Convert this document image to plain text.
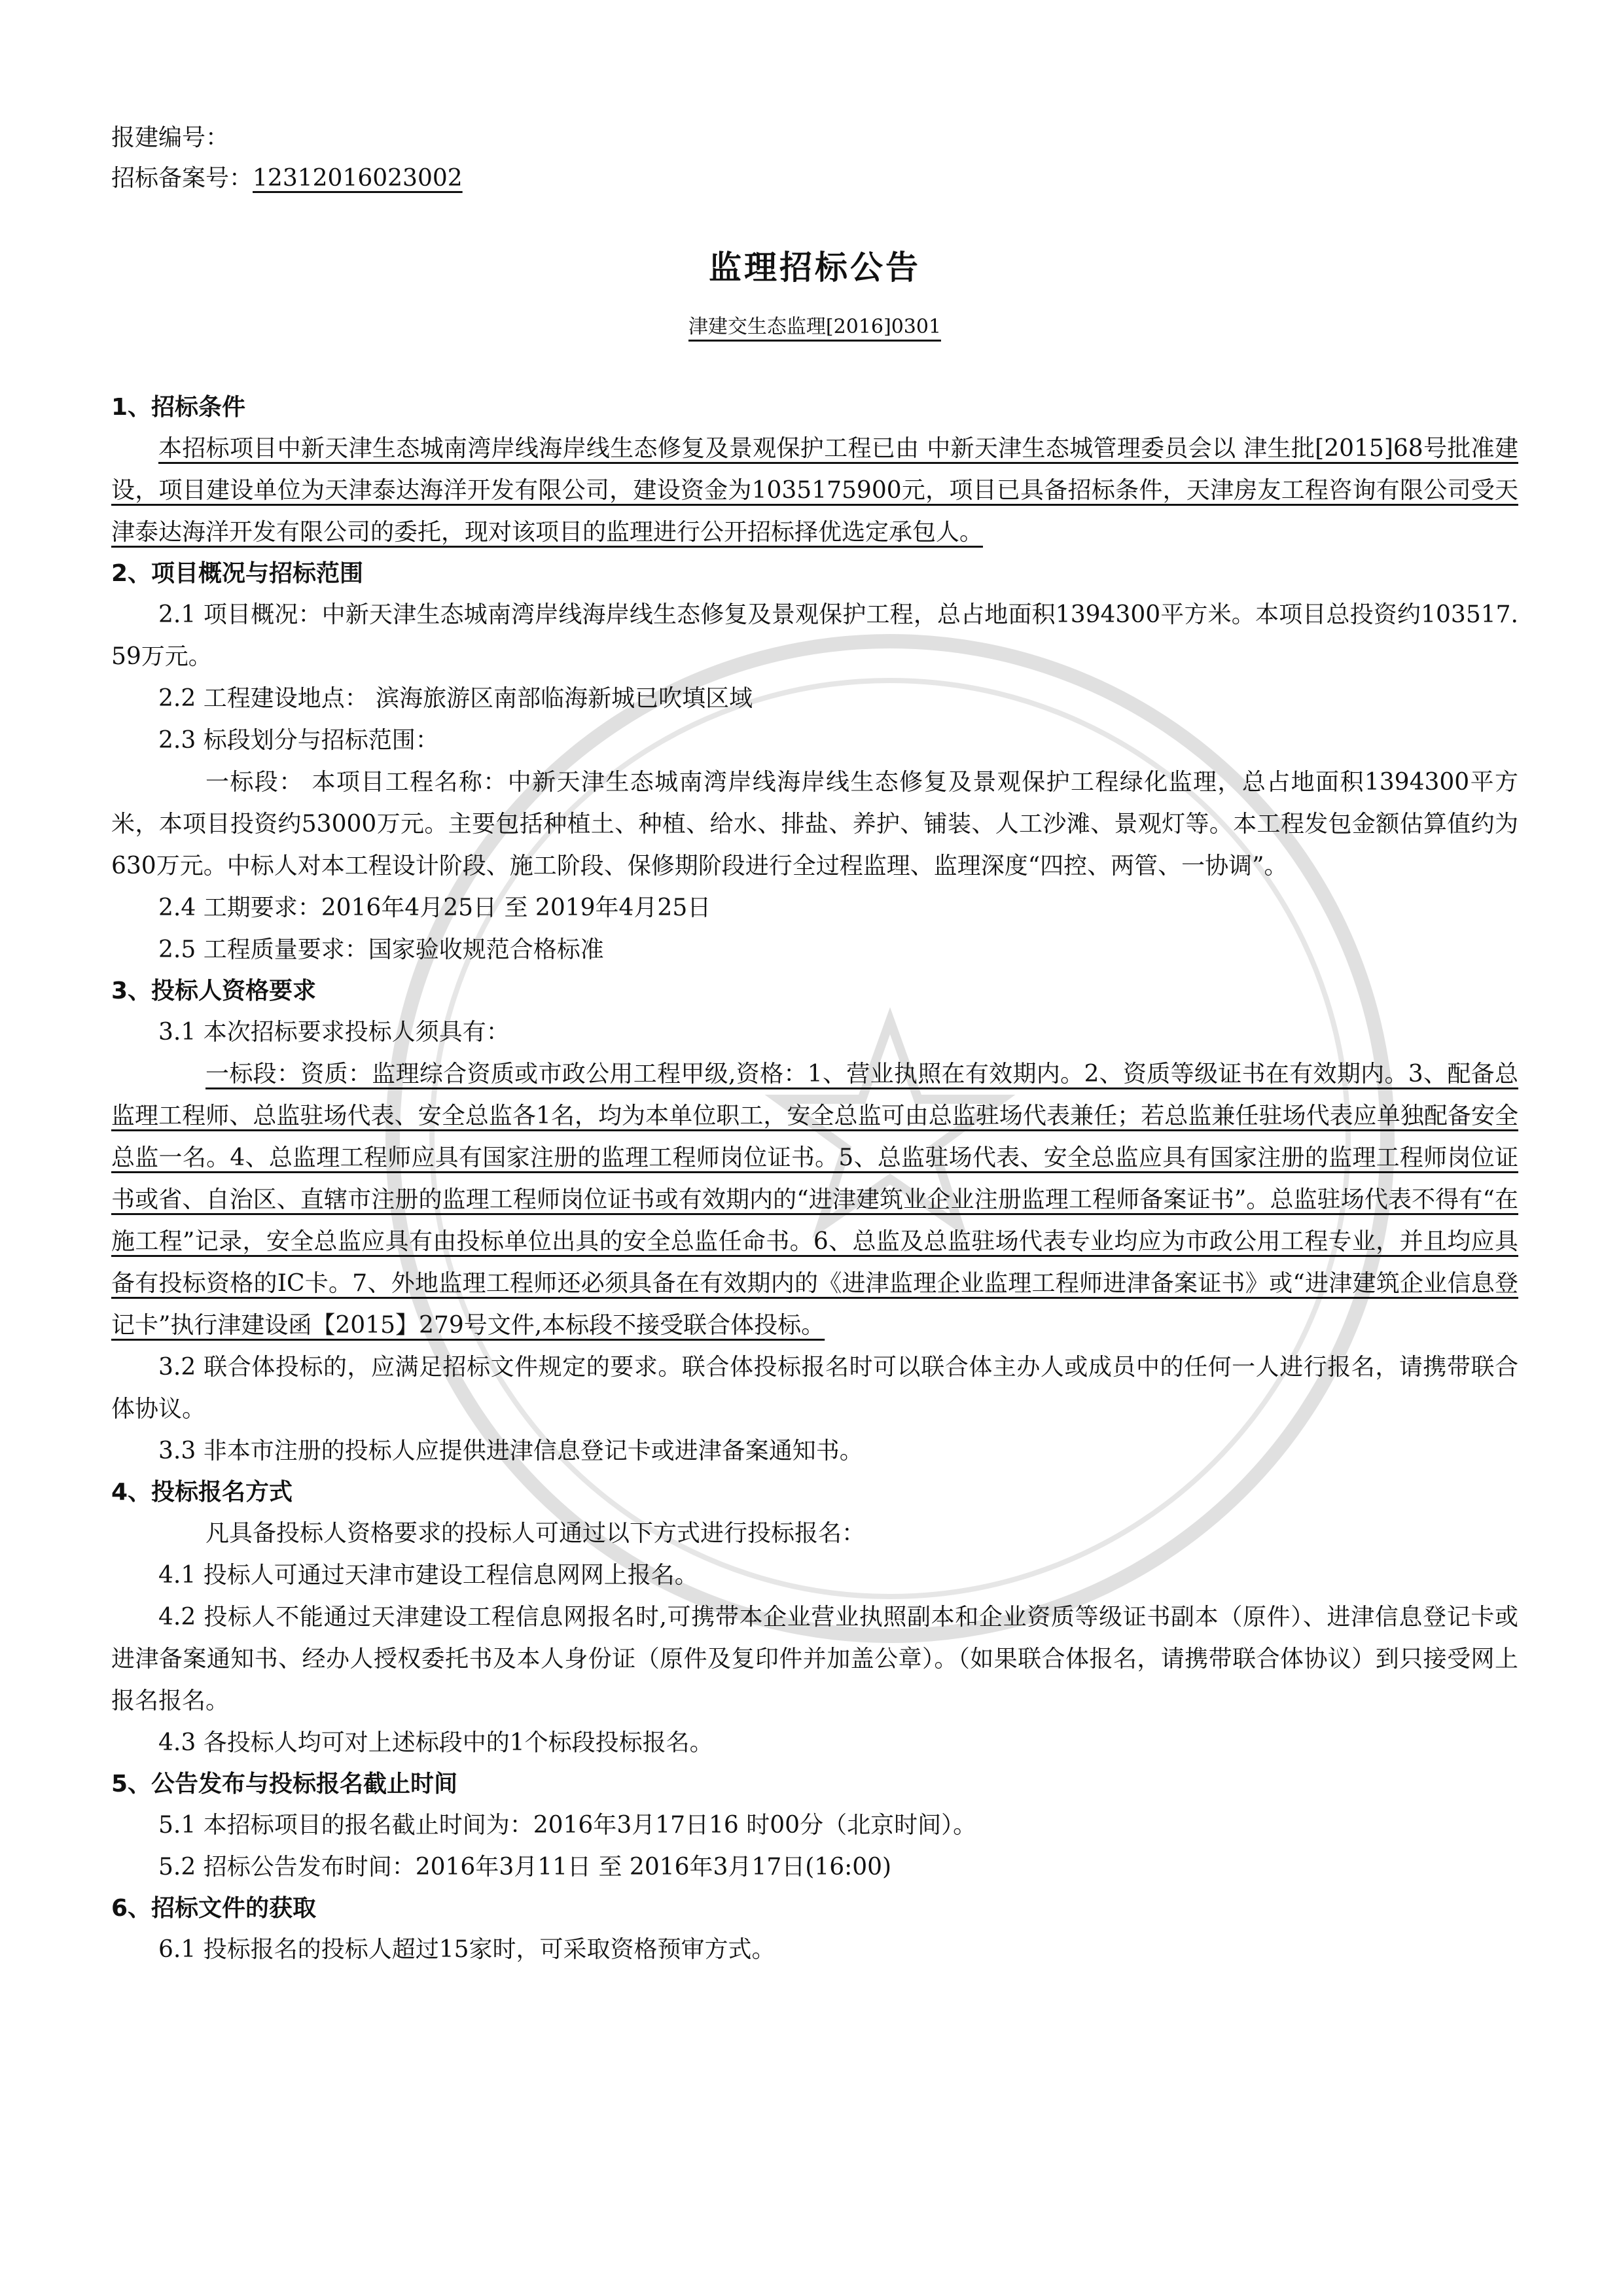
报建编号：
招标备案号：12312016023002
监理招标公告
津建交生态监理[2016]0301
1、招标条件
本招标项目中新天津生态城南湾岸线海岸线生态修复及景观保护工程已由 中新天津生态城管理委员会以 津生批[2015]68号批准建设，项目建设单位为天津泰达海洋开发有限公司，建设资金为1035175900元，项目已具备招标条件，天津房友工程咨询有限公司受天津泰达海洋开发有限公司的委托，现对该项目的监理进行公开招标择优选定承包人。
2、项目概况与招标范围
2.1 项目概况：中新天津生态城南湾岸线海岸线生态修复及景观保护工程，总占地面积1394300平方米。本项目总投资约103517.59万元。
2.2 工程建设地点： 滨海旅游区南部临海新城已吹填区域
2.3 标段划分与招标范围：
一标段： 本项目工程名称：中新天津生态城南湾岸线海岸线生态修复及景观保护工程绿化监理，总占地面积1394300平方米，本项目投资约53000万元。主要包括种植土、种植、给水、排盐、养护、铺装、人工沙滩、景观灯等。本工程发包金额估算值约为630万元。中标人对本工程设计阶段、施工阶段、保修期阶段进行全过程监理、监理深度“四控、两管、一协调”。
2.4 工期要求：2016年4月25日 至 2019年4月25日
2.5 工程质量要求：国家验收规范合格标准
3、投标人资格要求
3.1 本次招标要求投标人须具有：
一标段：资质：监理综合资质或市政公用工程甲级,资格：1、营业执照在有效期内。2、资质等级证书在有效期内。3、配备总监理工程师、总监驻场代表、安全总监各1名，均为本单位职工，安全总监可由总监驻场代表兼任；若总监兼任驻场代表应单独配备安全总监一名。4、总监理工程师应具有国家注册的监理工程师岗位证书。5、总监驻场代表、安全总监应具有国家注册的监理工程师岗位证书或省、自治区、直辖市注册的监理工程师岗位证书或有效期内的“进津建筑业企业注册监理工程师备案证书”。总监驻场代表不得有“在施工程”记录，安全总监应具有由投标单位出具的安全总监任命书。6、总监及总监驻场代表专业均应为市政公用工程专业，并且均应具备有投标资格的IC卡。7、外地监理工程师还必须具备在有效期内的《进津监理企业监理工程师进津备案证书》或“进津建筑企业信息登记卡”执行津建设函【2015】279号文件,本标段不接受联合体投标。
3.2 联合体投标的，应满足招标文件规定的要求。联合体投标报名时可以联合体主办人或成员中的任何一人进行报名，请携带联合体协议。
3.3 非本市注册的投标人应提供进津信息登记卡或进津备案通知书。
4、投标报名方式
凡具备投标人资格要求的投标人可通过以下方式进行投标报名：
4.1 投标人可通过天津市建设工程信息网网上报名。
4.2 投标人不能通过天津建设工程信息网报名时,可携带本企业营业执照副本和企业资质等级证书副本（原件）、进津信息登记卡或进津备案通知书、经办人授权委托书及本人身份证（原件及复印件并加盖公章）。（如果联合体报名，请携带联合体协议）到只接受网上报名报名。
4.3 各投标人均可对上述标段中的1个标段投标报名。
5、公告发布与投标报名截止时间
5.1 本招标项目的报名截止时间为：2016年3月17日16 时00分（北京时间）。
5.2 招标公告发布时间：2016年3月11日 至 2016年3月17日(16:00)
6、招标文件的获取
6.1 投标报名的投标人超过15家时，可采取资格预审方式。
